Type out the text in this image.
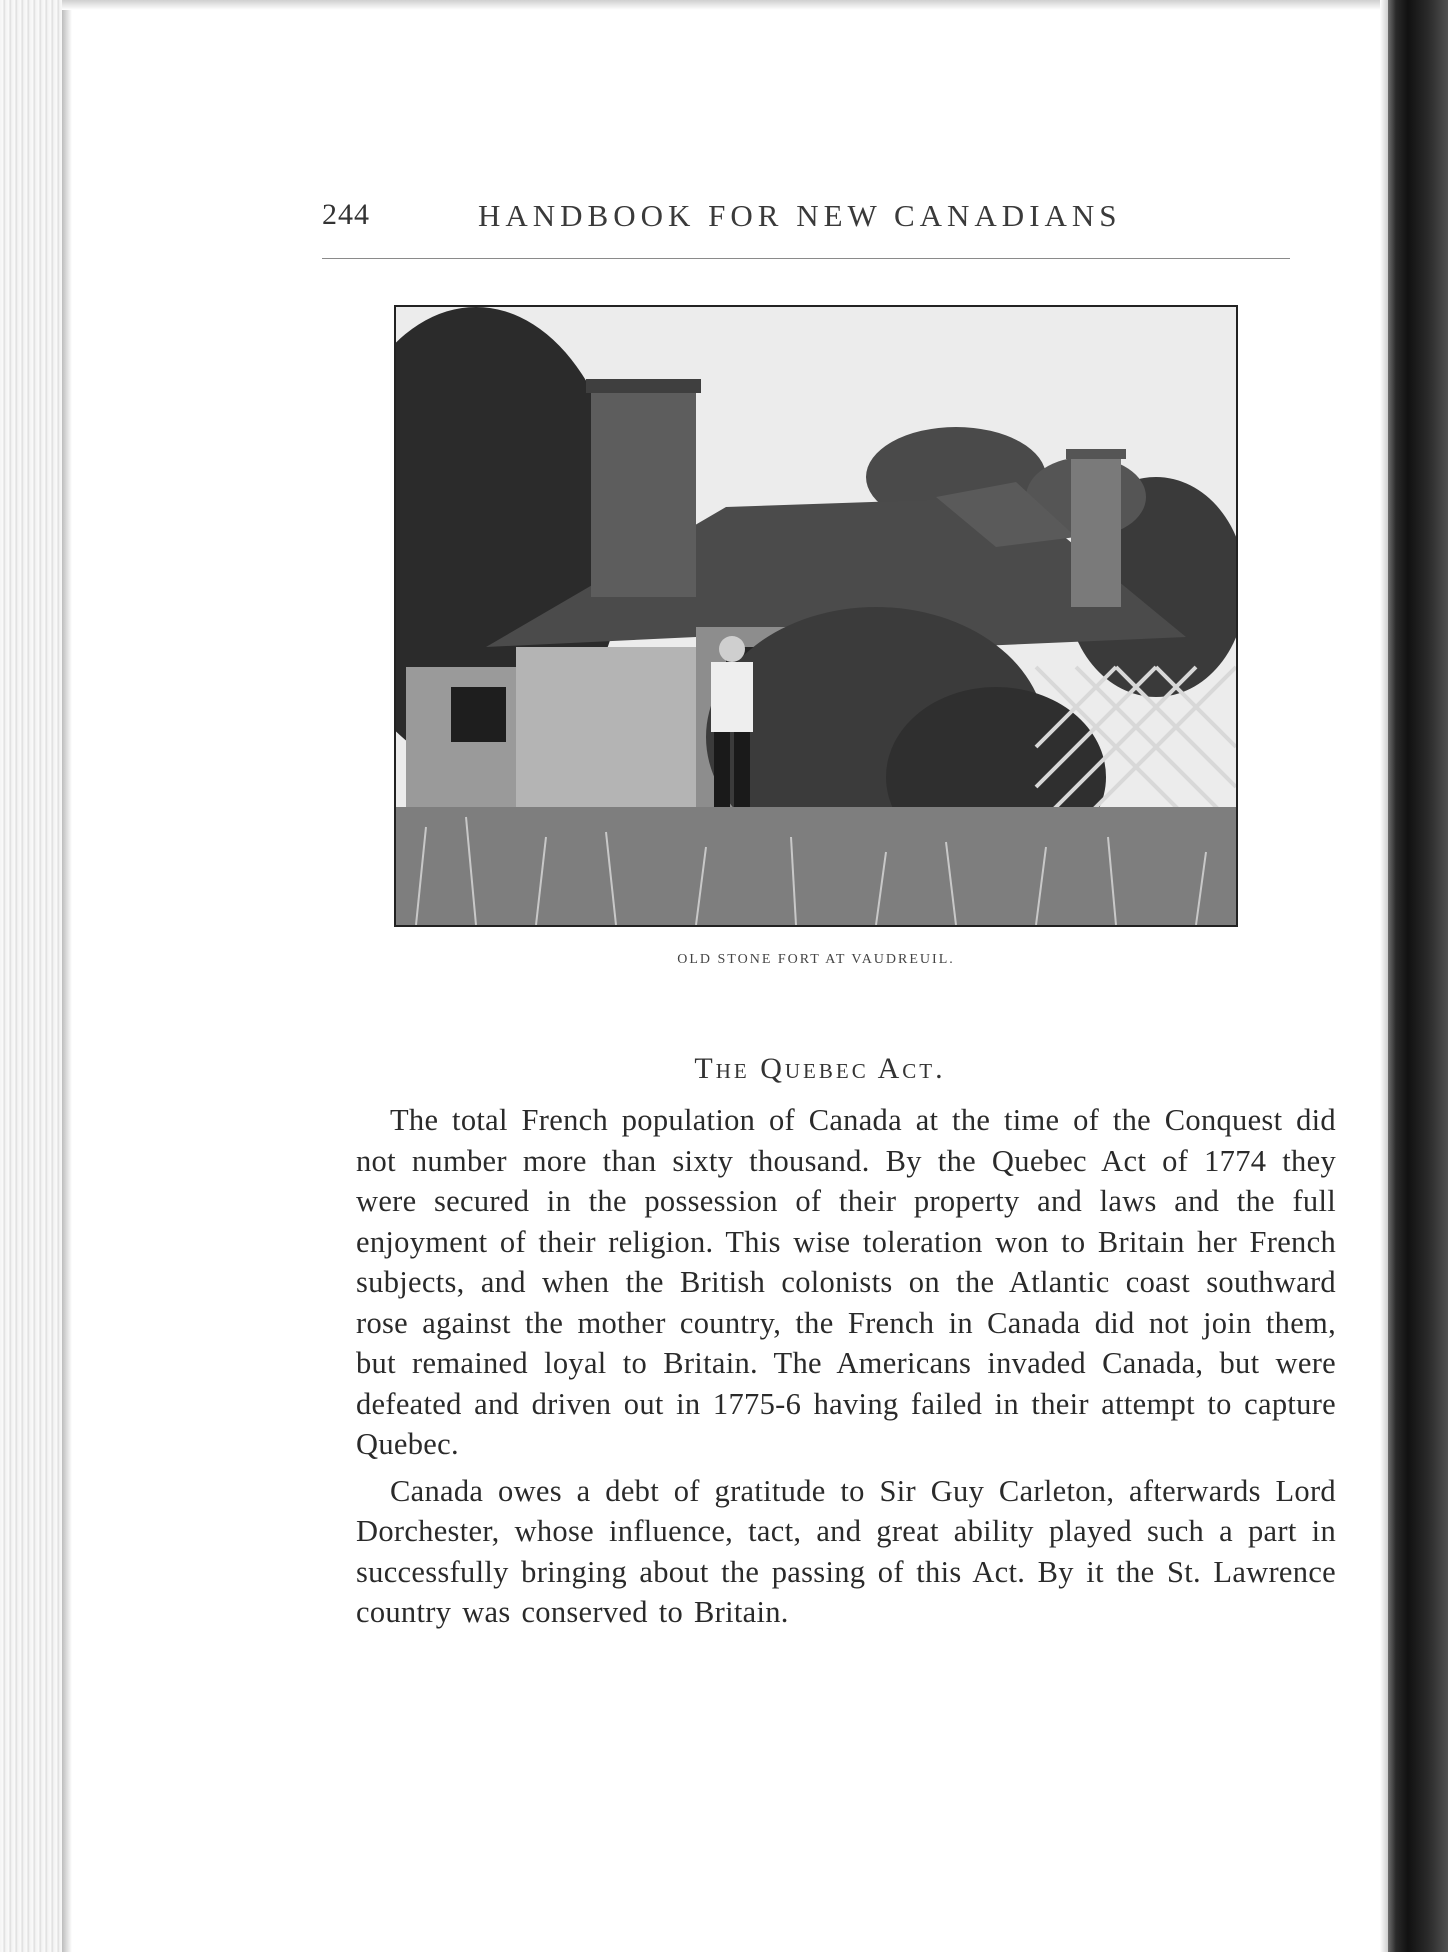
244	HANDBOOK FOR NEW CANADIANS
OLD STONE FORT AT VAUDREUIL.
The Quebec Act.

The total French population of Canada at the time of the Conquest did not number more than sixty thousand. By the Quebec Act of 1774 they were secured in the possession of their property and laws and the full enjoyment of their religion. This wise toleration won to Britain her French subjects, and when the British colonists on the Atlantic coast southward rose against the mother country, the French in Canada did not join them, but remained loyal to Britain. The Americans invaded Canada, but were defeated and driven out in 1775-6 having failed in their attempt to capture Quebec.

Canada owes a debt of gratitude to Sir Guy Carleton, afterwards Lord Dorchester, whose influence, tact, and great ability played such a part in successfully bringing about the passing of this Act. By it the St. Lawrence country was conserved to Britain.
